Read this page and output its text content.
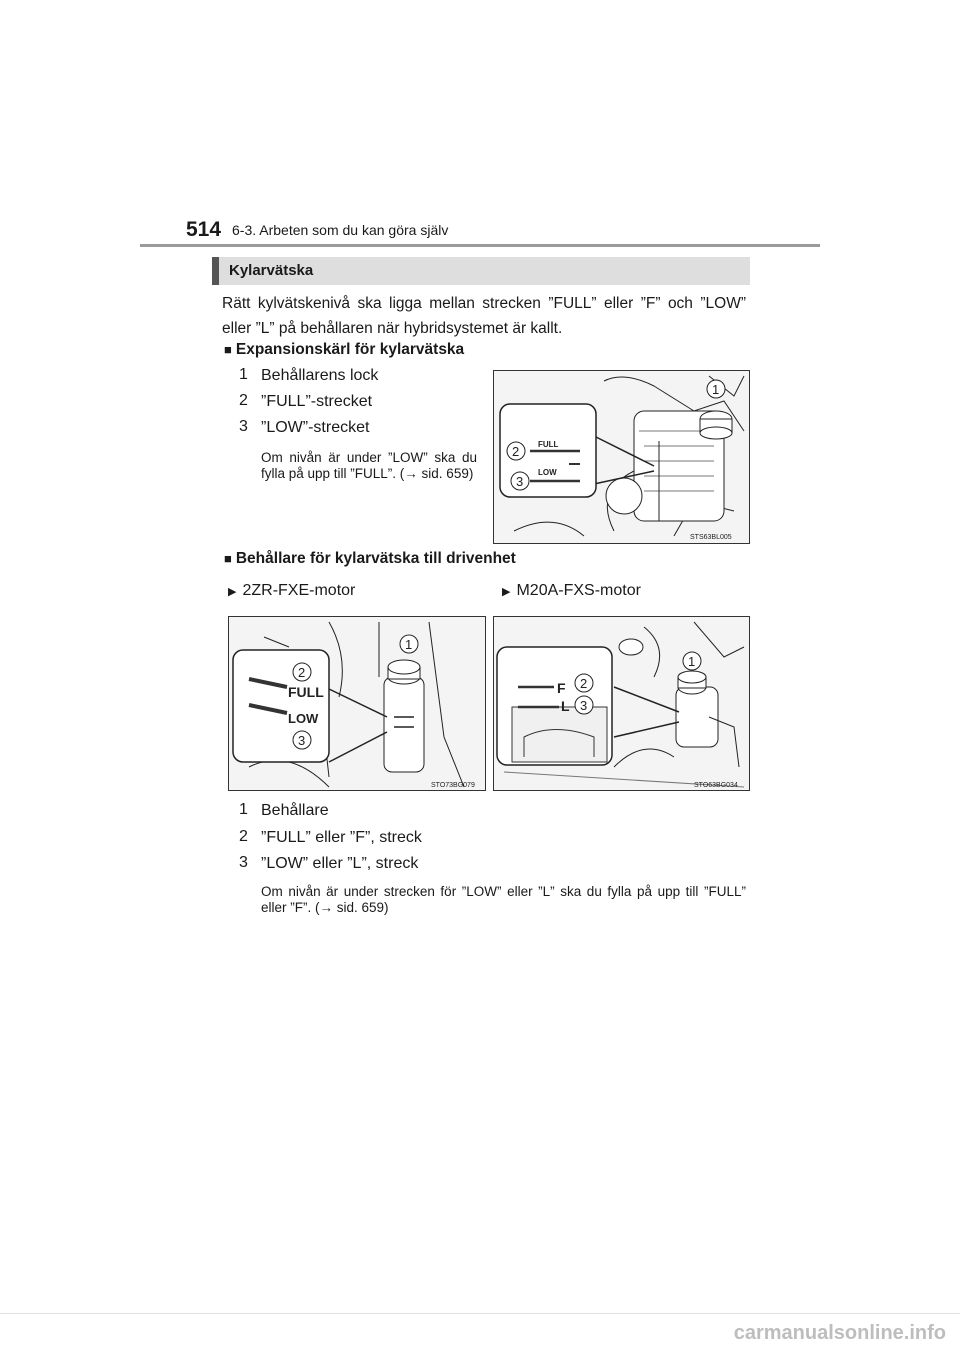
514 6-3. Arbeten som du kan göra själv
Kylarvätska
Rätt kylvätskenivå ska ligga mellan strecken ”FULL” eller ”F” och ”LOW” eller ”L” på behållaren när hybridsystemet är kallt.
■ Expansionskärl för kylarvätska
1 Behållarens lock
2 ”FULL”-strecket
3 ”LOW”-strecket
Om nivån är under ”LOW” ska du fylla på upp till ”FULL”. (→ sid. 659)
FULL
LOW
1
2
3
STS63BL005
■ Behållare för kylarvätska till drivenhet
▶ 2ZR-FXE-motor	▶ M20A-FXS-motor
FULL
LOW
1
2
3
STO73BG079
F
L
1
2
3
STO63BG034
1 Behållare
2 ”FULL” eller ”F”, streck
3 ”LOW” eller ”L”, streck
Om nivån är under strecken för ”LOW” eller ”L” ska du fylla på upp till ”FULL” eller ”F”. (→ sid. 659)
carmanualsonline.info
